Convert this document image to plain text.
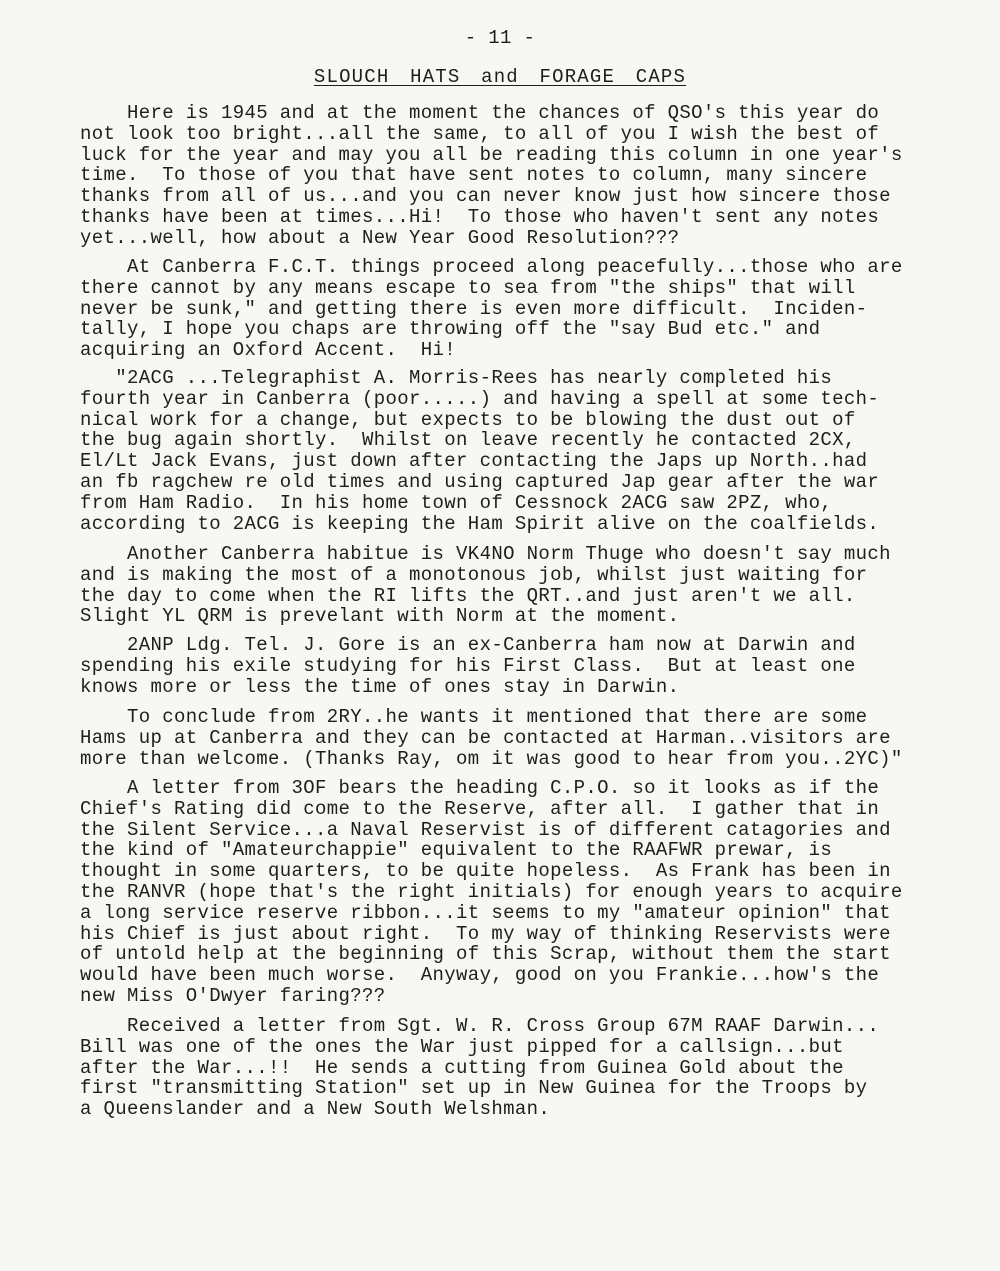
- 11 -
SLOUCH HATS and FORAGE CAPS
Here is 1945 and at the moment the chances of QSO's this year do
not look too bright...all the same, to all of you I wish the best of
luck for the year and may you all be reading this column in one year's
time.  To those of you that have sent notes to column, many sincere
thanks from all of us...and you can never know just how sincere those
thanks have been at times...Hi!  To those who haven't sent any notes
yet...well, how about a New Year Good Resolution???
At Canberra F.C.T. things proceed along peacefully...those who are
there cannot by any means escape to sea from "the ships" that will
never be sunk," and getting there is even more difficult.  Inciden-
tally, I hope you chaps are throwing off the "say Bud etc." and
acquiring an Oxford Accent.  Hi!
"2ACG ...Telegraphist A. Morris-Rees has nearly completed his
fourth year in Canberra (poor.....) and having a spell at some tech-
nical work for a change, but expects to be blowing the dust out of
the bug again shortly.  Whilst on leave recently he contacted 2CX,
El/Lt Jack Evans, just down after contacting the Japs up North..had
an fb ragchew re old times and using captured Jap gear after the war
from Ham Radio.  In his home town of Cessnock 2ACG saw 2PZ, who,
according to 2ACG is keeping the Ham Spirit alive on the coalfields.
Another Canberra habitue is VK4NO Norm Thuge who doesn't say much
and is making the most of a monotonous job, whilst just waiting for
the day to come when the RI lifts the QRT..and just aren't we all.
Slight YL QRM is prevelant with Norm at the moment.
2ANP Ldg. Tel. J. Gore is an ex-Canberra ham now at Darwin and
spending his exile studying for his First Class.  But at least one
knows more or less the time of ones stay in Darwin.
To conclude from 2RY..he wants it mentioned that there are some
Hams up at Canberra and they can be contacted at Harman..visitors are
more than welcome. (Thanks Ray, om it was good to hear from you..2YC)"
A letter from 3OF bears the heading C.P.O. so it looks as if the
Chief's Rating did come to the Reserve, after all.  I gather that in
the Silent Service...a Naval Reservist is of different catagories and
the kind of "Amateurchappie" equivalent to the RAAFWR prewar, is
thought in some quarters, to be quite hopeless.  As Frank has been in
the RANVR (hope that's the right initials) for enough years to acquire
a long service reserve ribbon...it seems to my "amateur opinion" that
his Chief is just about right.  To my way of thinking Reservists were
of untold help at the beginning of this Scrap, without them the start
would have been much worse.  Anyway, good on you Frankie...how's the
new Miss O'Dwyer faring???
Received a letter from Sgt. W. R. Cross Group 67M RAAF Darwin...
Bill was one of the ones the War just pipped for a callsign...but
after the War...!!  He sends a cutting from Guinea Gold about the
first "transmitting Station" set up in New Guinea for the Troops by
a Queenslander and a New South Welshman.
